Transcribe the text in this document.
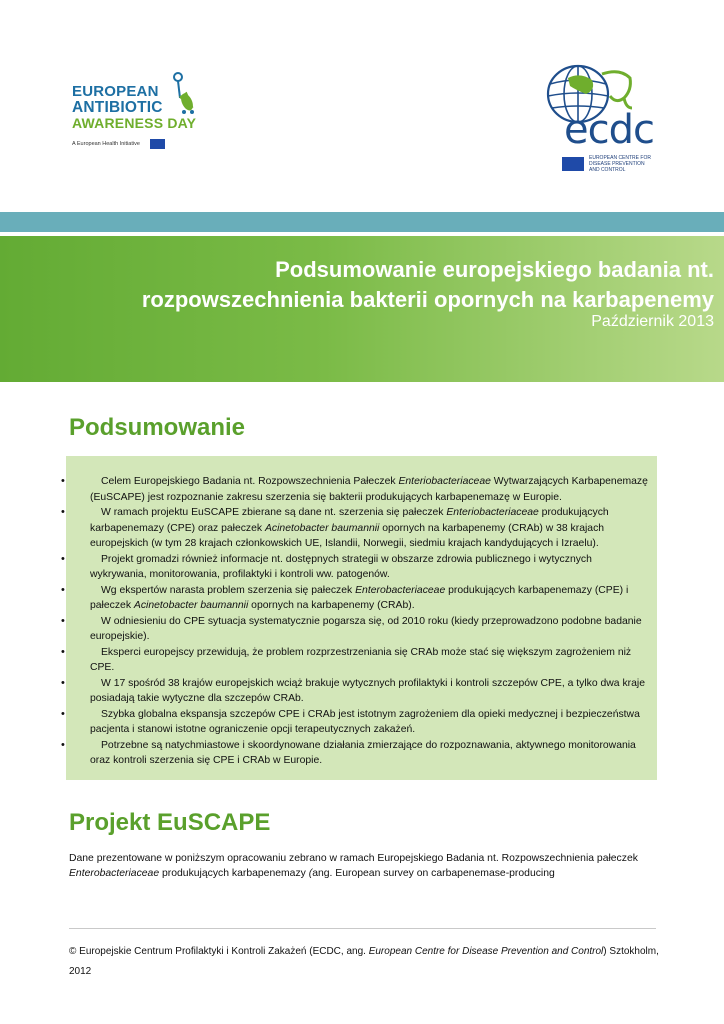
EUROPEAN
ANTIBIOTIC
AWARENESS DAY
A European Health Initiative	ecdc
EUROPEAN CENTRE FOR
DISEASE PREVENTION
AND CONTROL
Podsumowanie europejskiego badania nt.
rozpowszechnienia bakterii opornych na karbapenemy
Październik 2013
Podsumowanie
•	Celem Europejskiego Badania nt. Rozpowszechnienia Pałeczek Enteriobacteriaceae Wytwarzających Karbapenemazę (EuSCAPE) jest rozpoznanie zakresu szerzenia się bakterii produkujących karbapenemazę w Europie.
•	W ramach projektu EuSCAPE zbierane są dane nt. szerzenia się pałeczek Enteriobacteriaceae produkujących karbapenemazy (CPE) oraz pałeczek Acinetobacter baumannii opornych na karbapenemy (CRAb) w 38 krajach europejskich (w tym 28 krajach członkowskich UE, Islandii, Norwegii, siedmiu krajach kandydujących i Izraelu).
•	Projekt gromadzi również informacje nt. dostępnych strategii w obszarze zdrowia publicznego i wytycznych wykrywania, monitorowania, profilaktyki i kontroli ww. patogenów.
•	Wg ekspertów narasta problem szerzenia się pałeczek Enterobacteriaceae produkujących karbapenemazy (CPE) i pałeczek Acinetobacter baumannii opornych na karbapenemy (CRAb).
•	W odniesieniu do CPE sytuacja systematycznie pogarsza się, od 2010 roku (kiedy przeprowadzono podobne badanie europejskie).
•	Eksperci europejscy przewidują, że problem rozprzestrzeniania się CRAb może stać się większym zagrożeniem niż CPE.
•	W 17 spośród 38 krajów europejskich wciąż brakuje wytycznych profilaktyki i kontroli szczepów CPE, a tylko dwa kraje posiadają takie wytyczne dla szczepów CRAb.
•	Szybka globalna ekspansja szczepów CPE i CRAb jest istotnym zagrożeniem dla opieki medycznej i bezpieczeństwa pacjenta i stanowi istotne ograniczenie opcji terapeutycznych zakażeń.
•	Potrzebne są natychmiastowe i skoordynowane działania zmierzające do rozpoznawania, aktywnego monitorowania oraz kontroli szerzenia się CPE i CRAb w Europie.
Projekt EuSCAPE
Dane prezentowane w poniższym opracowaniu zebrano w ramach Europejskiego Badania nt. Rozpowszechnienia pałeczek Enterobacteriaceae produkujących karbapenemazy (ang. European survey on carbapenemase-producing
© Europejskie Centrum Profilaktyki i Kontroli Zakażeń (ECDC, ang. European Centre for Disease Prevention and Control) Sztokholm, 2012
